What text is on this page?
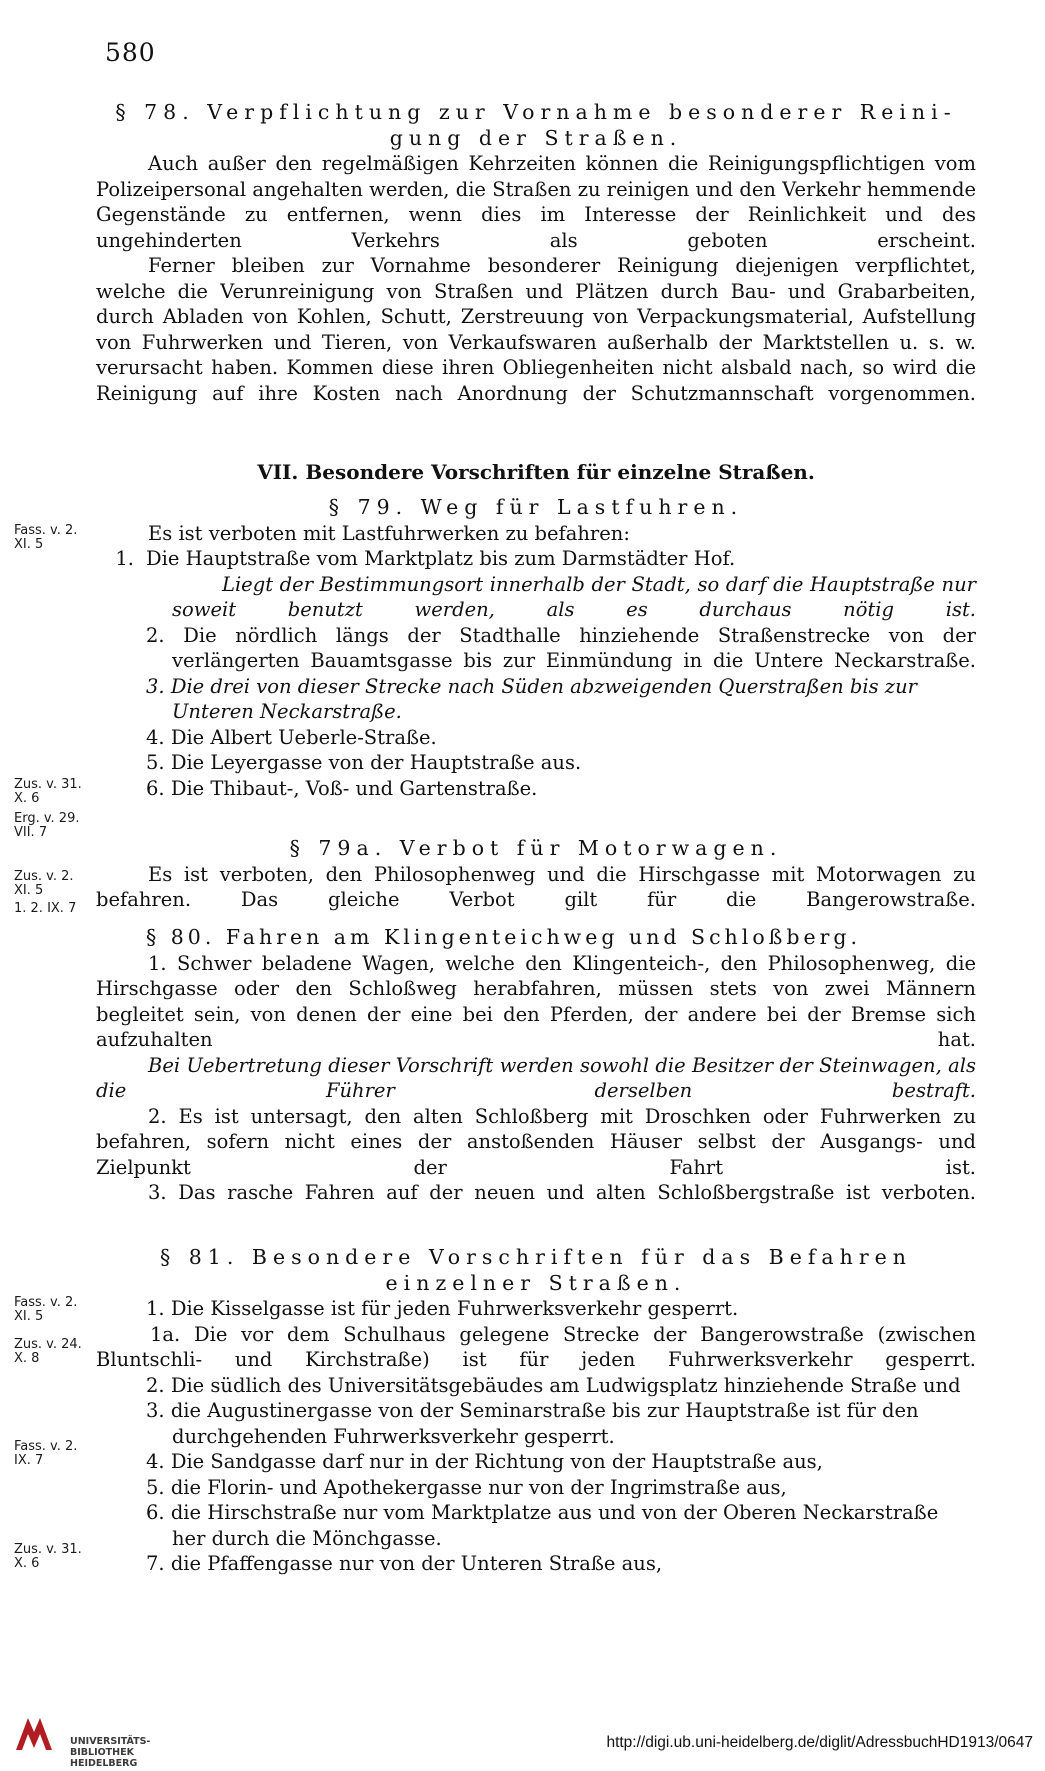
580
§ 78. Verpflichtung zur Vornahme besonderer Reini-
gung der Straßen.
Auch außer den regelmäßigen Kehrzeiten können die Reinigungspflichtigen vom Polizeipersonal angehalten werden, die Straßen zu reinigen und den Verkehr hemmende Gegenstände zu entfernen, wenn dies im Interesse der Reinlichkeit und des ungehinderten Verkehrs als geboten erscheint.
Ferner bleiben zur Vornahme besonderer Reinigung diejenigen verpflichtet, welche die Verunreinigung von Straßen und Plätzen durch Bau- und Grabarbeiten, durch Abladen von Kohlen, Schutt, Zerstreuung von Verpackungsmaterial, Aufstellung von Fuhrwerken und Tieren, von Verkaufswaren außerhalb der Marktstellen u. s. w. verursacht haben. Kommen diese ihren Obliegenheiten nicht alsbald nach, so wird die Reinigung auf ihre Kosten nach Anordnung der Schutzmannschaft vorgenommen.
VII. Besondere Vorschriften für einzelne Straßen.
§ 79. Weg für Lastfuhren.
Es ist verboten mit Lastfuhrwerken zu befahren:
1. Die Hauptstraße vom Marktplatz bis zum Darmstädter Hof.
Liegt der Bestimmungsort innerhalb der Stadt, so darf die Hauptstraße nur soweit benutzt werden, als es durchaus nötig ist.
2. Die nördlich längs der Stadthalle hinziehende Straßenstrecke von der verlängerten Bauamtsgasse bis zur Einmündung in die Untere Neckarstraße.
3. Die drei von dieser Strecke nach Süden abzweigenden Querstraßen bis zur Unteren Neckarstraße.
4. Die Albert Ueberle-Straße.
5. Die Leyergasse von der Hauptstraße aus.
6. Die Thibaut-, Voß- und Gartenstraße.
§ 79a. Verbot für Motorwagen.
Es ist verboten, den Philosophenweg und die Hirschgasse mit Motorwagen zu befahren. Das gleiche Verbot gilt für die Bangerowstraße.
§ 80. Fahren am Klingenteichweg und Schloßberg.
1. Schwer beladene Wagen, welche den Klingenteich-, den Philosophenweg, die Hirschgasse oder den Schloßweg herabfahren, müssen stets von zwei Männern begleitet sein, von denen der eine bei den Pferden, der andere bei der Bremse sich aufzuhalten hat.
Bei Uebertretung dieser Vorschrift werden sowohl die Besitzer der Steinwagen, als die Führer derselben bestraft.
2. Es ist untersagt, den alten Schloßberg mit Droschken oder Fuhrwerken zu befahren, sofern nicht eines der anstoßenden Häuser selbst der Ausgangs- und Zielpunkt der Fahrt ist.
3. Das rasche Fahren auf der neuen und alten Schloßbergstraße ist verboten.
§ 81. Besondere Vorschriften für das Befahren
einzelner Straßen.
1. Die Kisselgasse ist für jeden Fuhrwerksverkehr gesperrt.
1a. Die vor dem Schulhaus gelegene Strecke der Bangerowstraße (zwischen Bluntschli- und Kirchstraße) ist für jeden Fuhrwerksverkehr gesperrt.
2. Die südlich des Universitätsgebäudes am Ludwigsplatz hinziehende Straße und
3. die Augustinergasse von der Seminarstraße bis zur Hauptstraße ist für den durchgehenden Fuhrwerksverkehr gesperrt.
4. Die Sandgasse darf nur in der Richtung von der Hauptstraße aus,
5. die Florin- und Apothekergasse nur von der Ingrimstraße aus,
6. die Hirschstraße nur vom Marktplatze aus und von der Oberen Neckarstraße her durch die Mönchgasse.
7. die Pfaffengasse nur von der Unteren Straße aus,
Fass. v. 2. XI. 5
Zus. v. 31. X. 6
Erg. v. 29. VII. 7
Zus. v. 2. XI. 5
1. 2. IX. 7
Fass. v. 2. XI. 5
Zus. v. 24. X. 8
Fass. v. 2. IX. 7
Zus. v. 31. X. 6
UNIVERSITÄTS-
BIBLIOTHEK
HEIDELBERG
http://digi.ub.uni-heidelberg.de/diglit/AdressbuchHD1913/0647
